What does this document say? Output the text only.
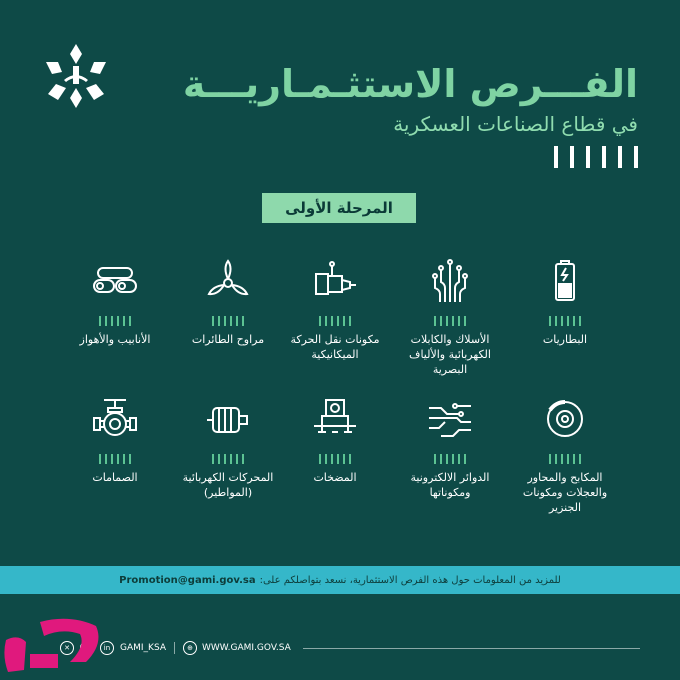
الفـــرص الاستثـمـاريـــة
في قطاع الصناعات العسكرية
المرحلة الأولى
البطاريات
الأسلاك والكابلات الكهربائية والألياف البصرية
مكونات نقل الحركة الميكانيكية
مراوح الطائرات
الأنابيب والأهواز
المكابح والمحاور والعجلات ومكونات الجنزير
الدوائر الالكترونية ومكوناتها
المضخات
المحركات الكهربائية (المواطير)
الصمامات
للمزيد من المعلومات حول هذه الفرص الاستثمارية، نسعد بتواصلكم على:
Promotion@gami.gov.sa
✕	in	GAMI_KSA	⊕	WWW.GAMI.GOV.SA
